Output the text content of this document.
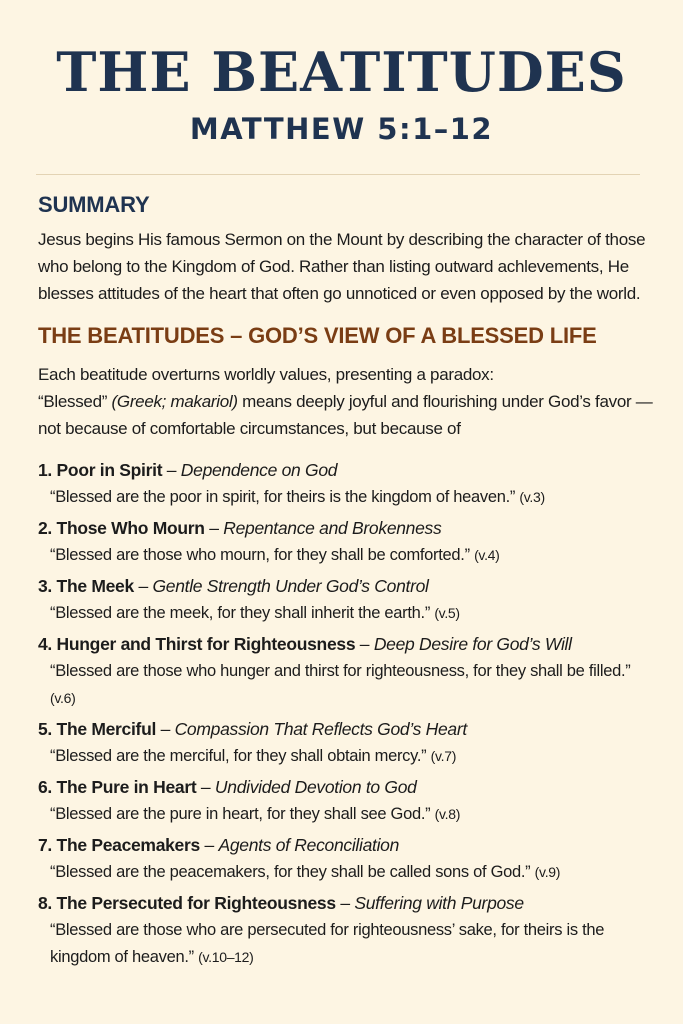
THE BEATITUDES
MATTHEW 5:1–12
SUMMARY

Jesus begins His famous Sermon on the Mount by describing the character of those who belong to the Kingdom of God. Rather than listing outward achlevements, He blesses attitudes of the heart that often go unnoticed or even opposed by the world.

THE BEATITUDES – GOD’S VIEW OF A BLESSED LIFE

Each beatitude overturns worldly values, presenting a paradox:
“Blessed” (Greek; makariol) means deeply joyful and flourishing under God’s favor — not because of comfortable circumstances, but because of

1. Poor in Spirit – Dependence on God
“Blessed are the poor in spirit, for theirs is the kingdom of heaven.” (v.3)
2. Those Who Mourn – Repentance and Brokenness
“Blessed are those who mourn, for they shall be comforted.” (v.4)
3. The Meek – Gentle Strength Under God’s Control
“Blessed are the meek, for they shall inherit the earth.” (v.5)
4. Hunger and Thirst for Righteousness – Deep Desire for God’s Will
“Blessed are those who hunger and thirst for righteousness, for they shall be filled.” (v.6)
5. The Merciful – Compassion That Reflects God’s Heart
“Blessed are the merciful, for they shall obtain mercy.” (v.7)
6. The Pure in Heart – Undivided Devotion to God
“Blessed are the pure in heart, for they shall see God.” (v.8)
7. The Peacemakers – Agents of Reconciliation
“Blessed are the peacemakers, for they shall be called sons of God.” (v.9)
8. The Persecuted for Righteousness – Suffering with Purpose
“Blessed are those who are persecuted for righteousness’ sake, for theirs is the kingdom of heaven.” (v.10–12)
